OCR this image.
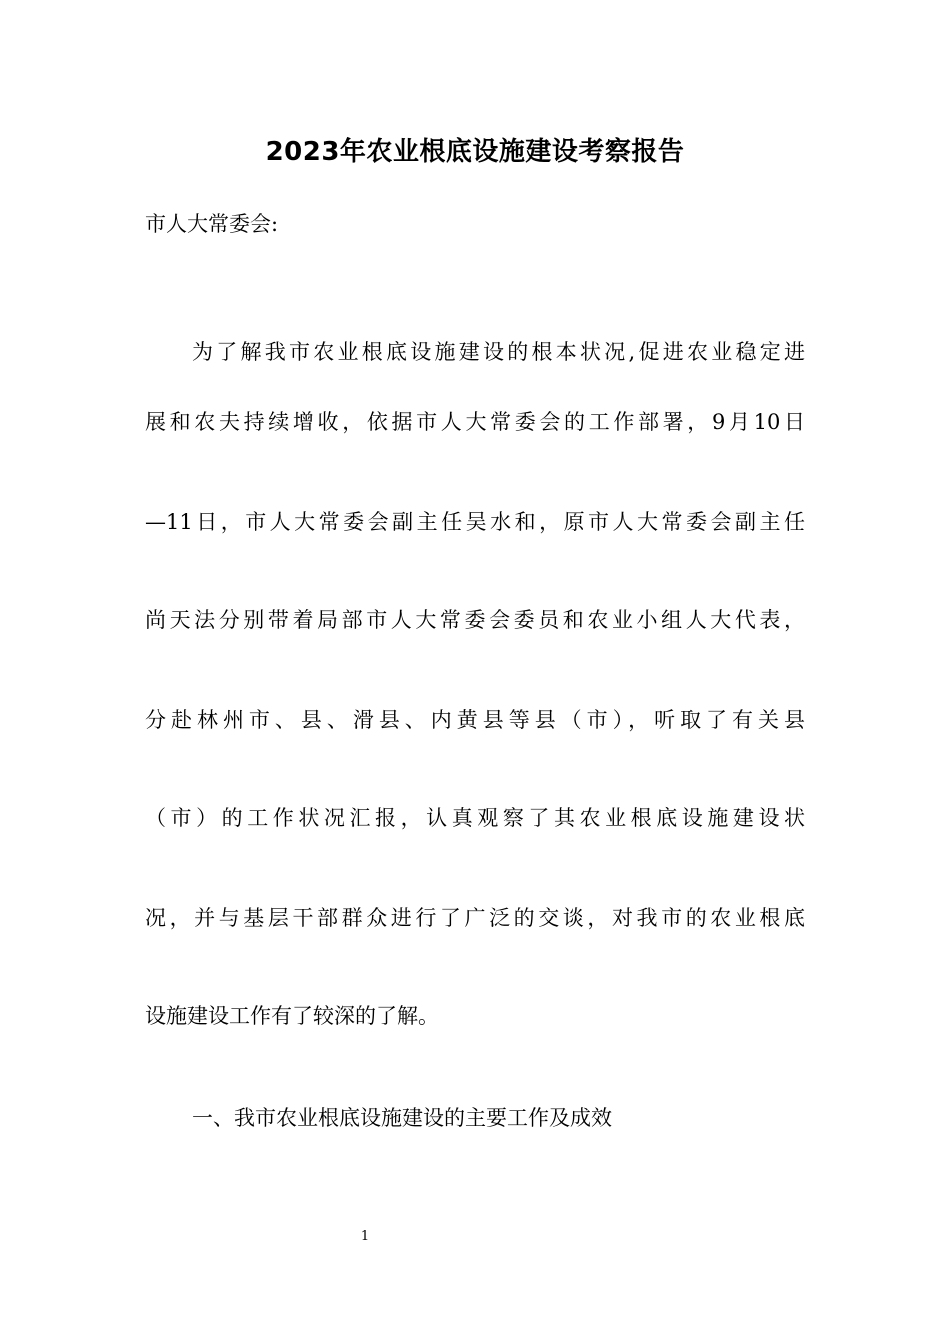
2023年农业根底设施建设考察报告
市人大常委会:
为了解我市农业根底设施建设的根本状况,促进农业稳定进
展和农夫持续增收，依据市人大常委会的工作部署，9月10日
—11日，市人大常委会副主任吴水和，原市人大常委会副主任
尚天法分别带着局部市人大常委会委员和农业小组人大代表，
分赴林州市、县、滑县、内黄县等县（市），听取了有关县
（市）的工作状况汇报，认真观察了其农业根底设施建设状
况，并与基层干部群众进行了广泛的交谈，对我市的农业根底
设施建设工作有了较深的了解。
一、我市农业根底设施建设的主要工作及成效
1
